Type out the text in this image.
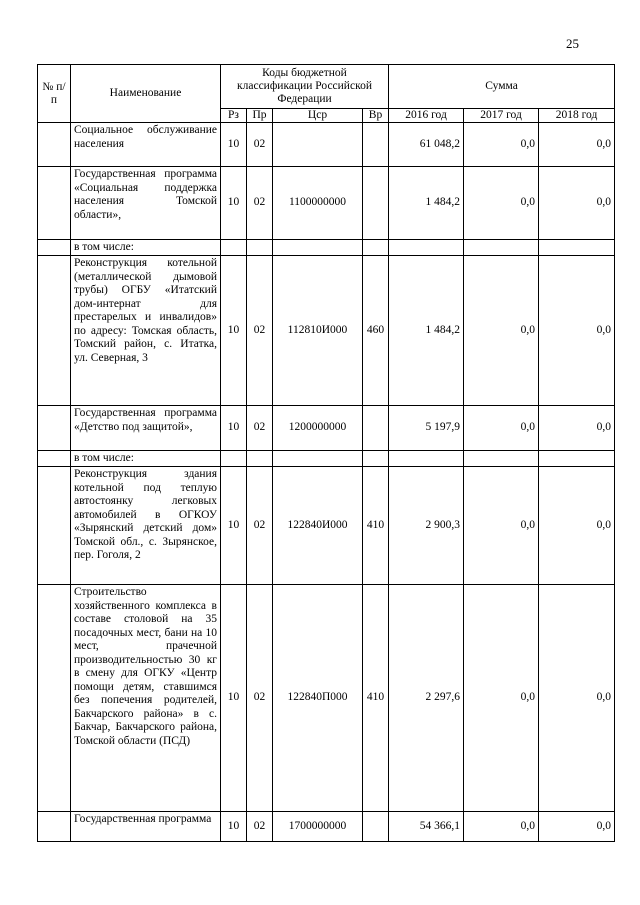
25
№ п/п	Наименование	Коды бюджетной классификации Российской Федерации				Сумма		
		Рз	Пр	Цср	Вр	2016 год	2017 год	2018 год
	Социальное обслуживание населения	10	02			61 048,2	0,0	0,0
	Государственная программа «Социальная поддержка населения Томской области»,	10	02	1100000000		1 484,2	0,0	0,0
	в том числе:							
	Реконструкция котельной (металлической дымовой трубы) ОГБУ «Итатский дом-интернат для престарелых и инвалидов» по адресу: Томская область, Томский район, с. Итатка, ул. Северная, 3	10	02	112810И000	460	1 484,2	0,0	0,0
	Государственная программа «Детство под защитой»,	10	02	1200000000		5 197,9	0,0	0,0
	в том числе:							
	Реконструкция здания котельной под теплую автостоянку легковых автомобилей в ОГКОУ «Зырянский детский дом» Томской обл., с. Зырянское, пер. Гоголя, 2	10	02	122840И000	410	2 900,3	0,0	0,0
	Строительство хозяйственного комплекса в составе столовой на 35 посадочных мест, бани на 10 мест, прачечной производительностью 30 кг в смену для ОГКУ «Центр помощи детям, ставшимся без попечения родителей, Бакчарского района» в с. Бакчар, Бакчарского района, Томской области (ПСД)	10	02	122840П000	410	2 297,6	0,0	0,0
	Государственная программа	10	02	1700000000		54 366,1	0,0	0,0
